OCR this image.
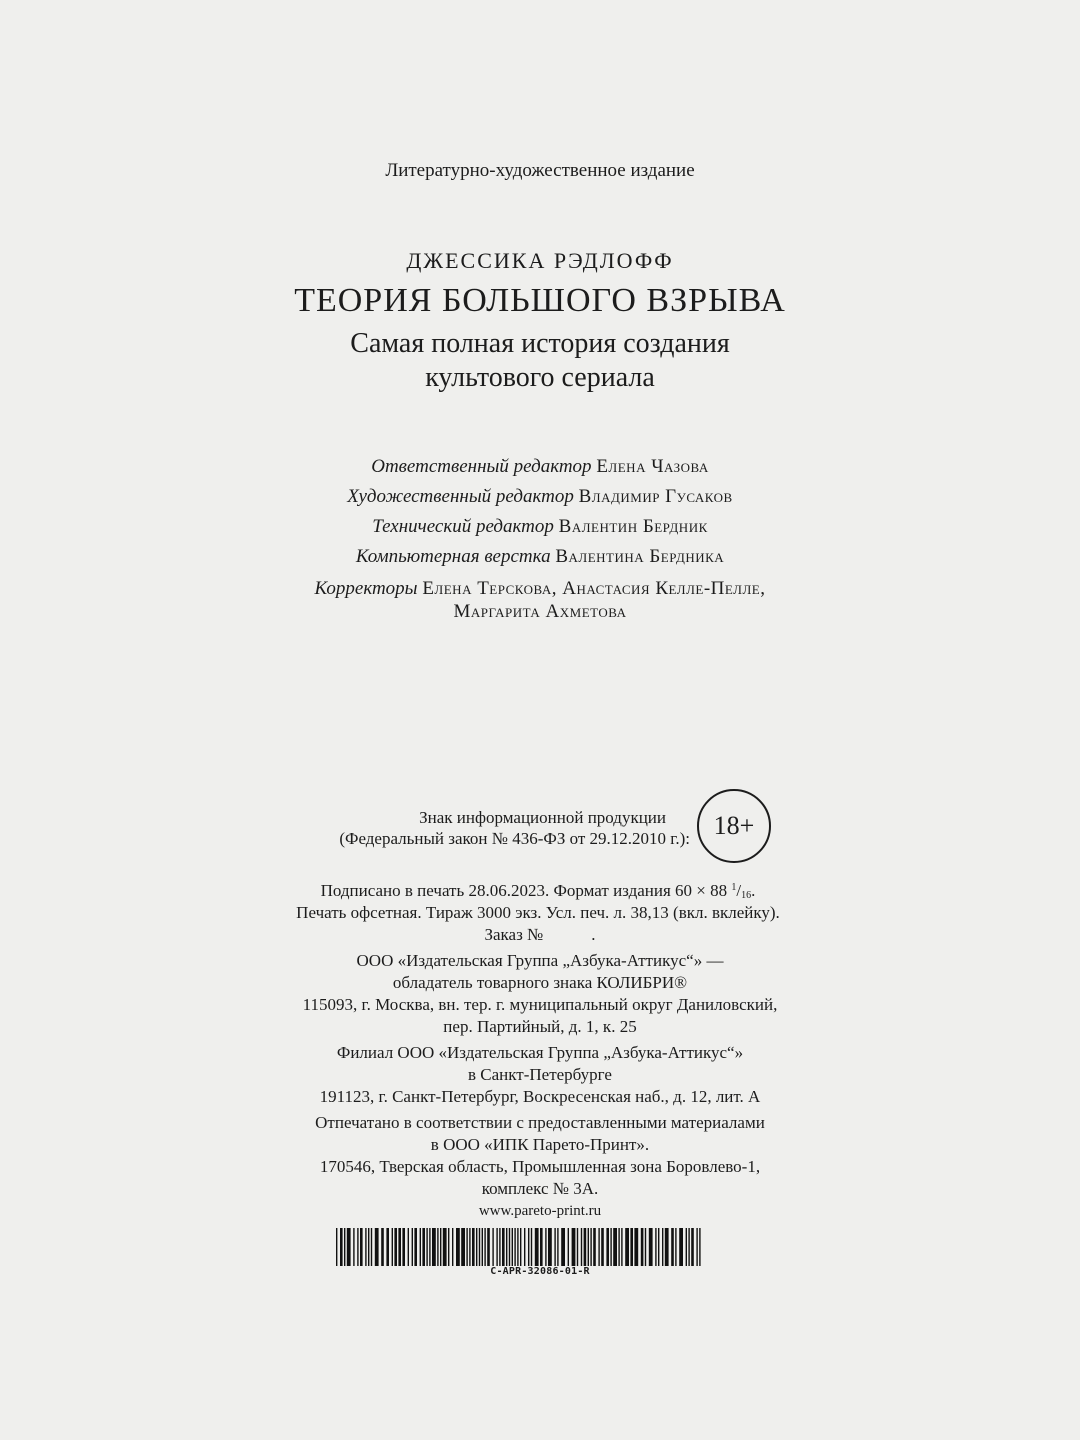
Литературно-художественное издание
ДЖЕССИКА РЭДЛОФФ
ТЕОРИЯ БОЛЬШОГО ВЗРЫВА
Самая полная история создания
культового сериала
Ответственный редактор Елена Чазова
Художественный редактор Владимир Гусаков
Технический редактор Валентин Бердник
Компьютерная верстка Валентина Бердника
Корректоры Елена Терскова, Анастасия Келле-Пелле,
Маргарита Ахметова
Знак информационной продукции
(Федеральный закон № 436-ФЗ от 29.12.2010 г.): 18+
Подписано в печать 28.06.2023. Формат издания 60 × 88 $^1/_{16}$.
Печать офсетная. Тираж 3000 экз. Усл. печ. л. 38,13 (вкл. вклейку).
Заказ №	.
ООО «Издательская Группа „Азбука-Аттикус“» —
обладатель товарного знака КОЛИБРИ®
115093, г. Москва, вн. тер. г. муниципальный округ Даниловский,
пер. Партийный, д. 1, к. 25
Филиал ООО «Издательская Группа „Азбука-Аттикус“»
в Санкт-Петербурге
191123, г. Санкт-Петербург, Воскресенская наб., д. 12, лит. А
Отпечатано в соответствии с предоставленными материалами
в ООО «ИПК Парето-Принт».
170546, Тверская область, Промышленная зона Боровлево-1,
комплекс № 3А.
www.pareto-print.ru
C-APR-32086-01-R
